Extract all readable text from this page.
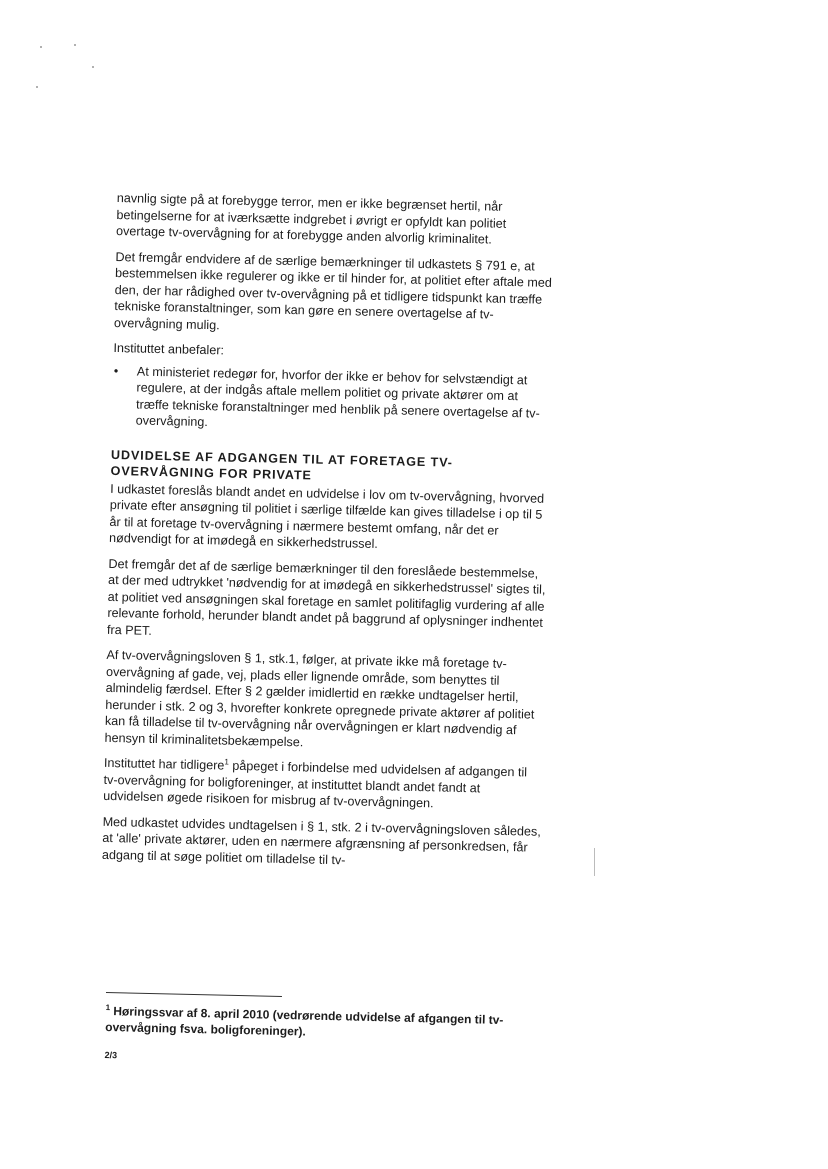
navnlig sigte på at forebygge terror, men er ikke begrænset hertil, når betingelserne for at iværksætte indgrebet i øvrigt er opfyldt kan politiet overtage tv-overvågning for at forebygge anden alvorlig kriminalitet.

Det fremgår endvidere af de særlige bemærkninger til udkastets § 791 e, at bestemmelsen ikke regulerer og ikke er til hinder for, at politiet efter aftale med den, der har rådighed over tv-overvågning på et tidligere tidspunkt kan træffe tekniske foranstaltninger, som kan gøre en senere overtagelse af tv-overvågning mulig.

Instituttet anbefaler:

• At ministeriet redegør for, hvorfor der ikke er behov for selvstændigt at regulere, at der indgås aftale mellem politiet og private aktører om at træffe tekniske foranstaltninger med henblik på senere overtagelse af tv-overvågning.
UDVIDELSE AF ADGANGEN TIL AT FORETAGE TV-OVERVÅGNING FOR PRIVATE

I udkastet foreslås blandt andet en udvidelse i lov om tv-overvågning, hvorved private efter ansøgning til politiet i særlige tilfælde kan gives tilladelse i op til 5 år til at foretage tv-overvågning i nærmere bestemt omfang, når det er nødvendigt for at imødegå en sikkerhedstrussel.

Det fremgår det af de særlige bemærkninger til den foreslåede bestemmelse, at der med udtrykket 'nødvendig for at imødegå en sikkerhedstrussel' sigtes til, at politiet ved ansøgningen skal foretage en samlet politifaglig vurdering af alle relevante forhold, herunder blandt andet på baggrund af oplysninger indhentet fra PET.

Af tv-overvågningsloven § 1, stk.1, følger, at private ikke må foretage tv-overvågning af gade, vej, plads eller lignende område, som benyttes til almindelig færdsel. Efter § 2 gælder imidlertid en række undtagelser hertil, herunder i stk. 2 og 3, hvorefter konkrete opregnede private aktører af politiet kan få tilladelse til tv-overvågning når overvågningen er klart nødvendig af hensyn til kriminalitetsbekæmpelse.

Instituttet har tidligere$^1$ påpeget i forbindelse med udvidelsen af adgangen til tv-overvågning for boligforeninger, at instituttet blandt andet fandt at udvidelsen øgede risikoen for misbrug af tv-overvågningen.

Med udkastet udvides undtagelsen i § 1, stk. 2 i tv-overvågningsloven således, at 'alle' private aktører, uden en nærmere afgrænsning af personkredsen, får adgang til at søge politiet om tilladelse til tv-

$^1$ Høringssvar af 8. april 2010 (vedrørende udvidelse af afgangen til tv-overvågning fsva. boligforeninger).
2/3
